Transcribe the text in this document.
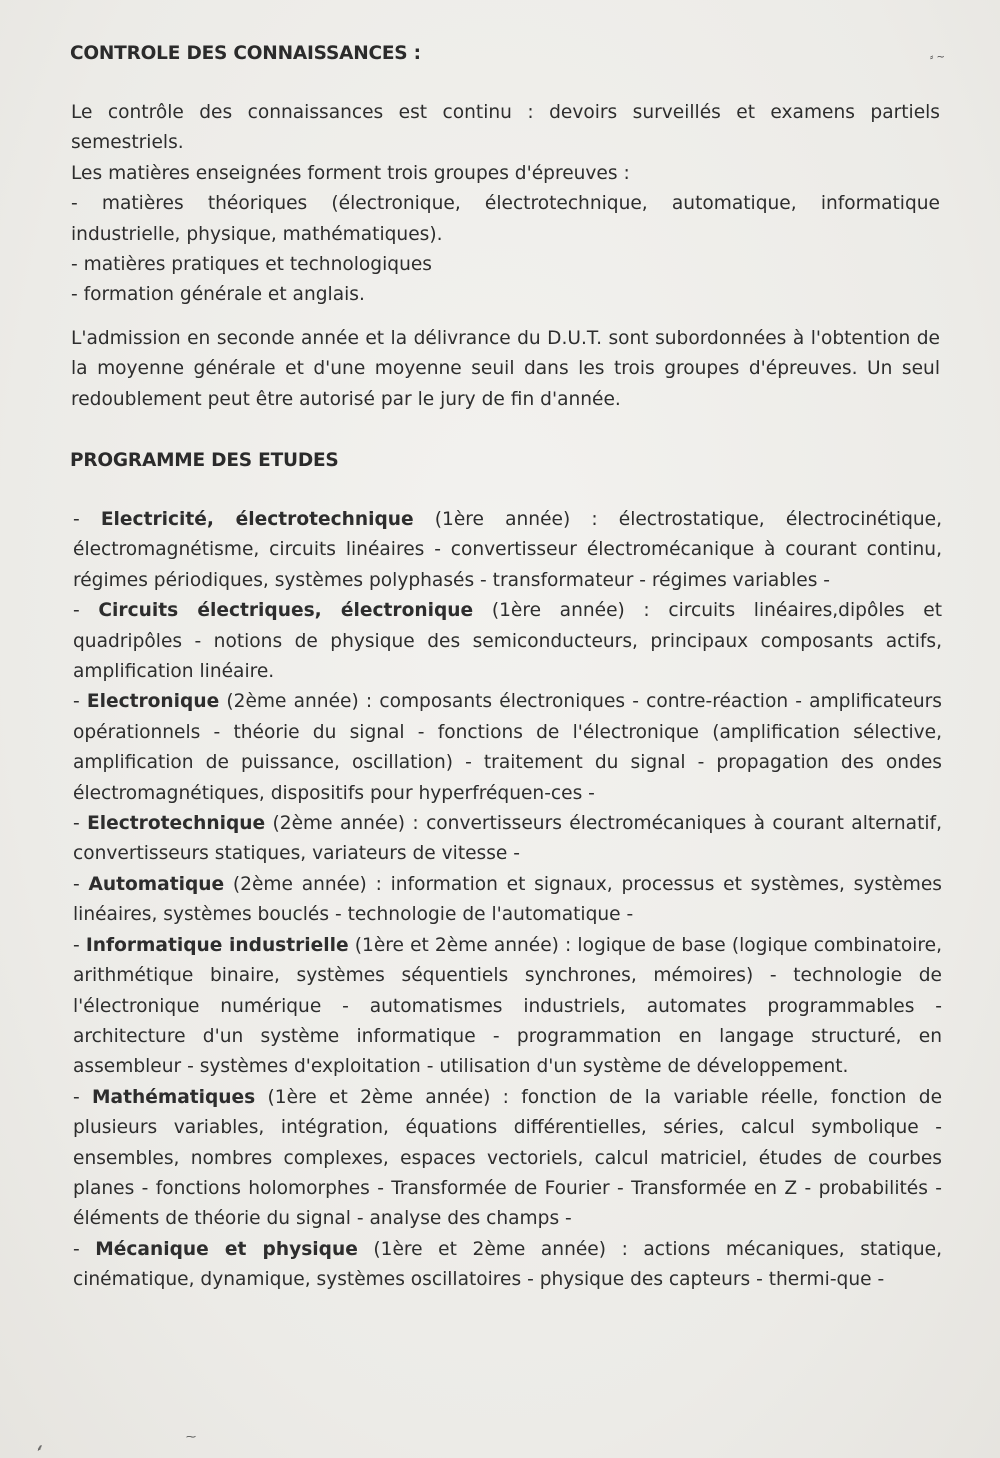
⸗ ~
CONTROLE DES CONNAISSANCES :

Le contrôle des connaissances est continu : devoirs surveillés et examens partiels semestriels.

Les matières enseignées forment trois groupes d'épreuves :

- matières théoriques (électronique, électrotechnique, automatique, informatique industrielle, physique, mathématiques).

- matières pratiques et technologiques

- formation générale et anglais.

L'admission en seconde année et la délivrance du D.U.T. sont subordonnées à l'obtention de la moyenne générale et d'une moyenne seuil dans les trois groupes d'épreuves. Un seul redoublement peut être autorisé par le jury de fin d'année.

PROGRAMME DES ETUDES

- Electricité, électrotechnique (1ère année) : électrostatique, électrocinétique, électromagnétisme, circuits linéaires - convertisseur électromécanique à courant continu, régimes périodiques, systèmes polyphasés - transformateur - régimes variables -

- Circuits électriques, électronique (1ère année) : circuits linéaires,dipôles et quadripôles - notions de physique des semiconducteurs, principaux composants actifs, amplification linéaire.

- Electronique (2ème année) : composants électroniques - contre-réaction - amplificateurs opérationnels - théorie du signal - fonctions de l'électronique (amplification sélective, amplification de puissance, oscillation) - traitement du signal - propagation des ondes électromagnétiques, dispositifs pour hyperfréquen-ces -

- Electrotechnique (2ème année) : convertisseurs électromécaniques à courant alternatif, convertisseurs statiques, variateurs de vitesse -

- Automatique (2ème année) : information et signaux, processus et systèmes, systèmes linéaires, systèmes bouclés - technologie de l'automatique -

- Informatique industrielle (1ère et 2ème année) : logique de base (logique combinatoire, arithmétique binaire, systèmes séquentiels synchrones, mémoires) - technologie de l'électronique numérique - automatismes industriels, automates programmables - architecture d'un système informatique - programmation en langage structuré, en assembleur - systèmes d'exploitation - utilisation d'un système de développement.

- Mathématiques (1ère et 2ème année) : fonction de la variable réelle, fonction de plusieurs variables, intégration, équations différentielles, séries, calcul symbolique - ensembles, nombres complexes, espaces vectoriels, calcul matriciel, études de courbes planes - fonctions holomorphes - Transformée de Fourier - Transformée en Z - probabilités - éléments de théorie du signal - analyse des champs -

- Mécanique et physique (1ère et 2ème année) : actions mécaniques, statique, cinématique, dynamique, systèmes oscillatoires - physique des capteurs - thermi-que -

⸙
⁓
